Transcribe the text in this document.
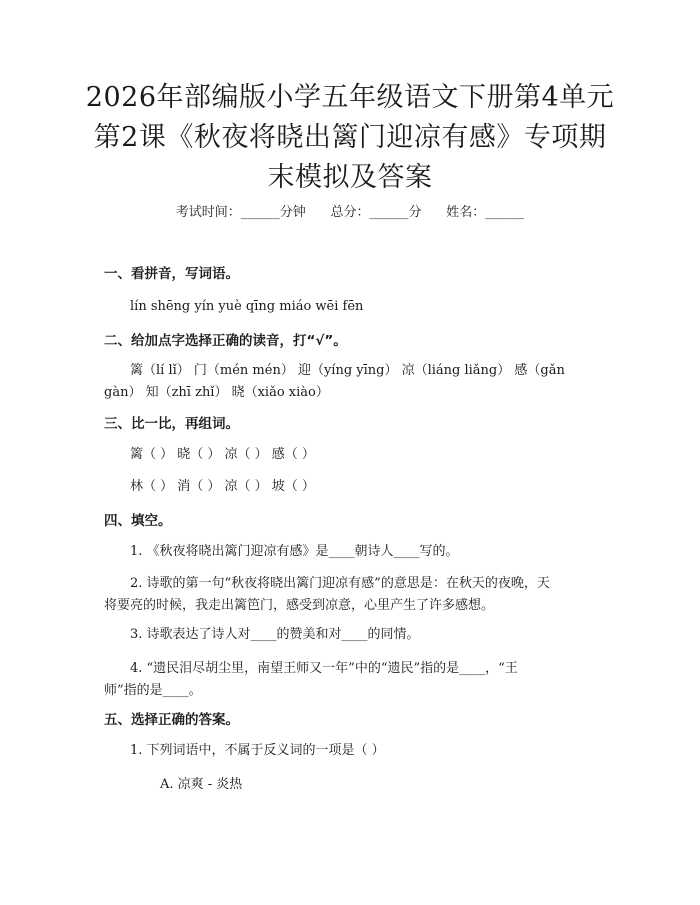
2026年部编版小学五年级语文下册第4单元
第2课《秋夜将晓出篱门迎凉有感》专项期
末模拟及答案
考试时间：______分钟      总分：______分      姓名：______
一、看拼音，写词语。
lín shēng yín yuè qīng miáo wēi fēn
二、给加点字选择正确的读音，打“√”。
篱（lí lǐ） 门（mén mén） 迎（yíng yīng） 凉（liáng liǎng） 感（gǎn
gàn） 知（zhī zhǐ） 晓（xiǎo xiào）
三、比一比，再组词。
篱（ ） 晓（ ） 凉（ ） 感（ ）
林（ ） 消（ ） 凉（ ） 坡（ ）
四、填空。
1. 《秋夜将晓出篱门迎凉有感》是____朝诗人____写的。
2. 诗歌的第一句“秋夜将晓出篱门迎凉有感”的意思是：在秋天的夜晚，天
将要亮的时候，我走出篱笆门，感受到凉意，心里产生了许多感想。
3. 诗歌表达了诗人对____的赞美和对____的同情。
4. “遗民泪尽胡尘里，南望王师又一年”中的“遗民”指的是____，“王
师”指的是____。
五、选择正确的答案。
1. 下列词语中，不属于反义词的一项是（ ）
A. 凉爽 - 炎热
